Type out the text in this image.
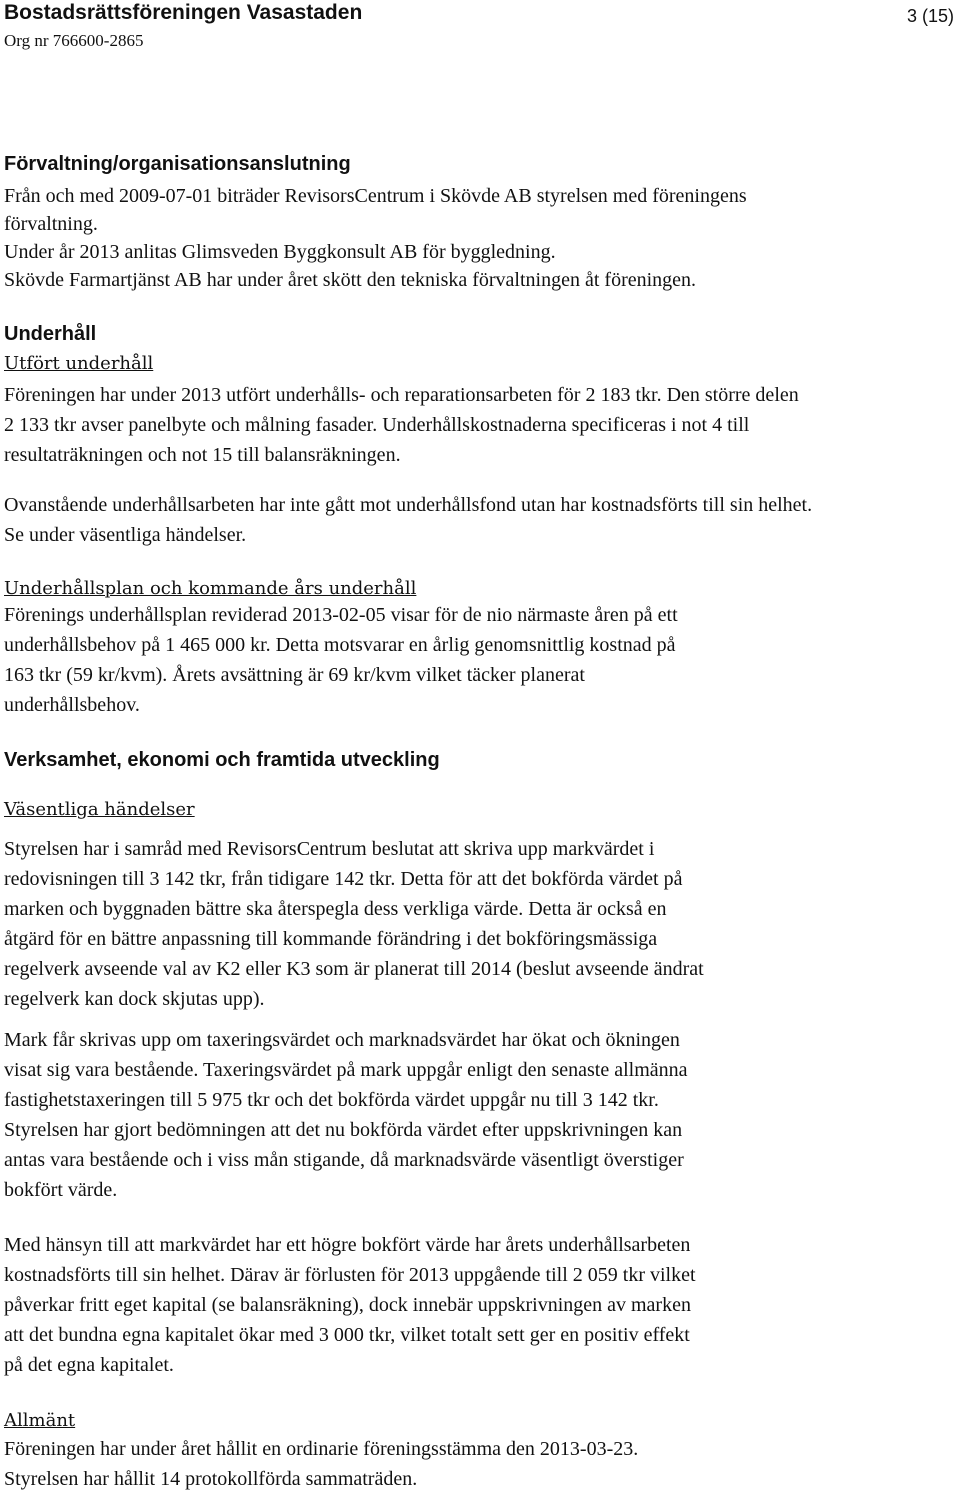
Bostadsrättsföreningen Vasastaden	3 (15)
Org nr 766600-2865
Förvaltning/organisationsanslutning
Från och med 2009-07-01 biträder RevisorsCentrum i Skövde AB styrelsen med föreningens
förvaltning.
Under år 2013 anlitas Glimsveden Byggkonsult AB för byggledning.
Skövde Farmartjänst AB har under året skött den tekniska förvaltningen åt föreningen.
Underhåll
Utfört underhåll
Föreningen har under 2013 utfört underhålls- och reparationsarbeten för 2 183 tkr. Den större delen
2 133 tkr avser panelbyte och målning fasader. Underhållskostnaderna specificeras i not 4 till
resultaträkningen och not 15 till balansräkningen.
Ovanstående underhållsarbeten har inte gått mot underhållsfond utan har kostnadsförts till sin helhet.
Se under väsentliga händelser.
Underhållsplan och kommande års underhåll
Förenings underhållsplan reviderad 2013-02-05 visar för de nio närmaste åren på ett
underhållsbehov på 1 465 000 kr. Detta motsvarar en årlig genomsnittlig kostnad på
163 tkr (59 kr/kvm). Årets avsättning är 69 kr/kvm vilket täcker planerat
underhållsbehov.
Verksamhet, ekonomi och framtida utveckling
Väsentliga händelser
Styrelsen har i samråd med RevisorsCentrum beslutat att skriva upp markvärdet i
redovisningen till 3 142 tkr, från tidigare 142 tkr. Detta för att det bokförda värdet på
marken och byggnaden bättre ska återspegla dess verkliga värde. Detta är också en
åtgärd för en bättre anpassning till kommande förändring i det bokföringsmässiga
regelverk avseende val av K2 eller K3 som är planerat till 2014 (beslut avseende ändrat
regelverk kan dock skjutas upp).
Mark får skrivas upp om taxeringsvärdet och marknadsvärdet har ökat och ökningen
visat sig vara bestående. Taxeringsvärdet på mark uppgår enligt den senaste allmänna
fastighetstaxeringen till 5 975 tkr och det bokförda värdet uppgår nu till 3 142 tkr.
Styrelsen har gjort bedömningen att det nu bokförda värdet efter uppskrivningen kan
antas vara bestående och i viss mån stigande, då marknadsvärde väsentligt överstiger
bokfört värde.
Med hänsyn till att markvärdet har ett högre bokfört värde har årets underhållsarbeten
kostnadsförts till sin helhet. Därav är förlusten för 2013 uppgående till 2 059 tkr vilket
påverkar fritt eget kapital (se balansräkning), dock innebär uppskrivningen av marken
att det bundna egna kapitalet ökar med 3 000 tkr, vilket totalt sett ger en positiv effekt
på det egna kapitalet.
Allmänt
Föreningen har under året hållit en ordinarie föreningsstämma den 2013-03-23.
Styrelsen har hållit 14 protokollförda sammaträden.
